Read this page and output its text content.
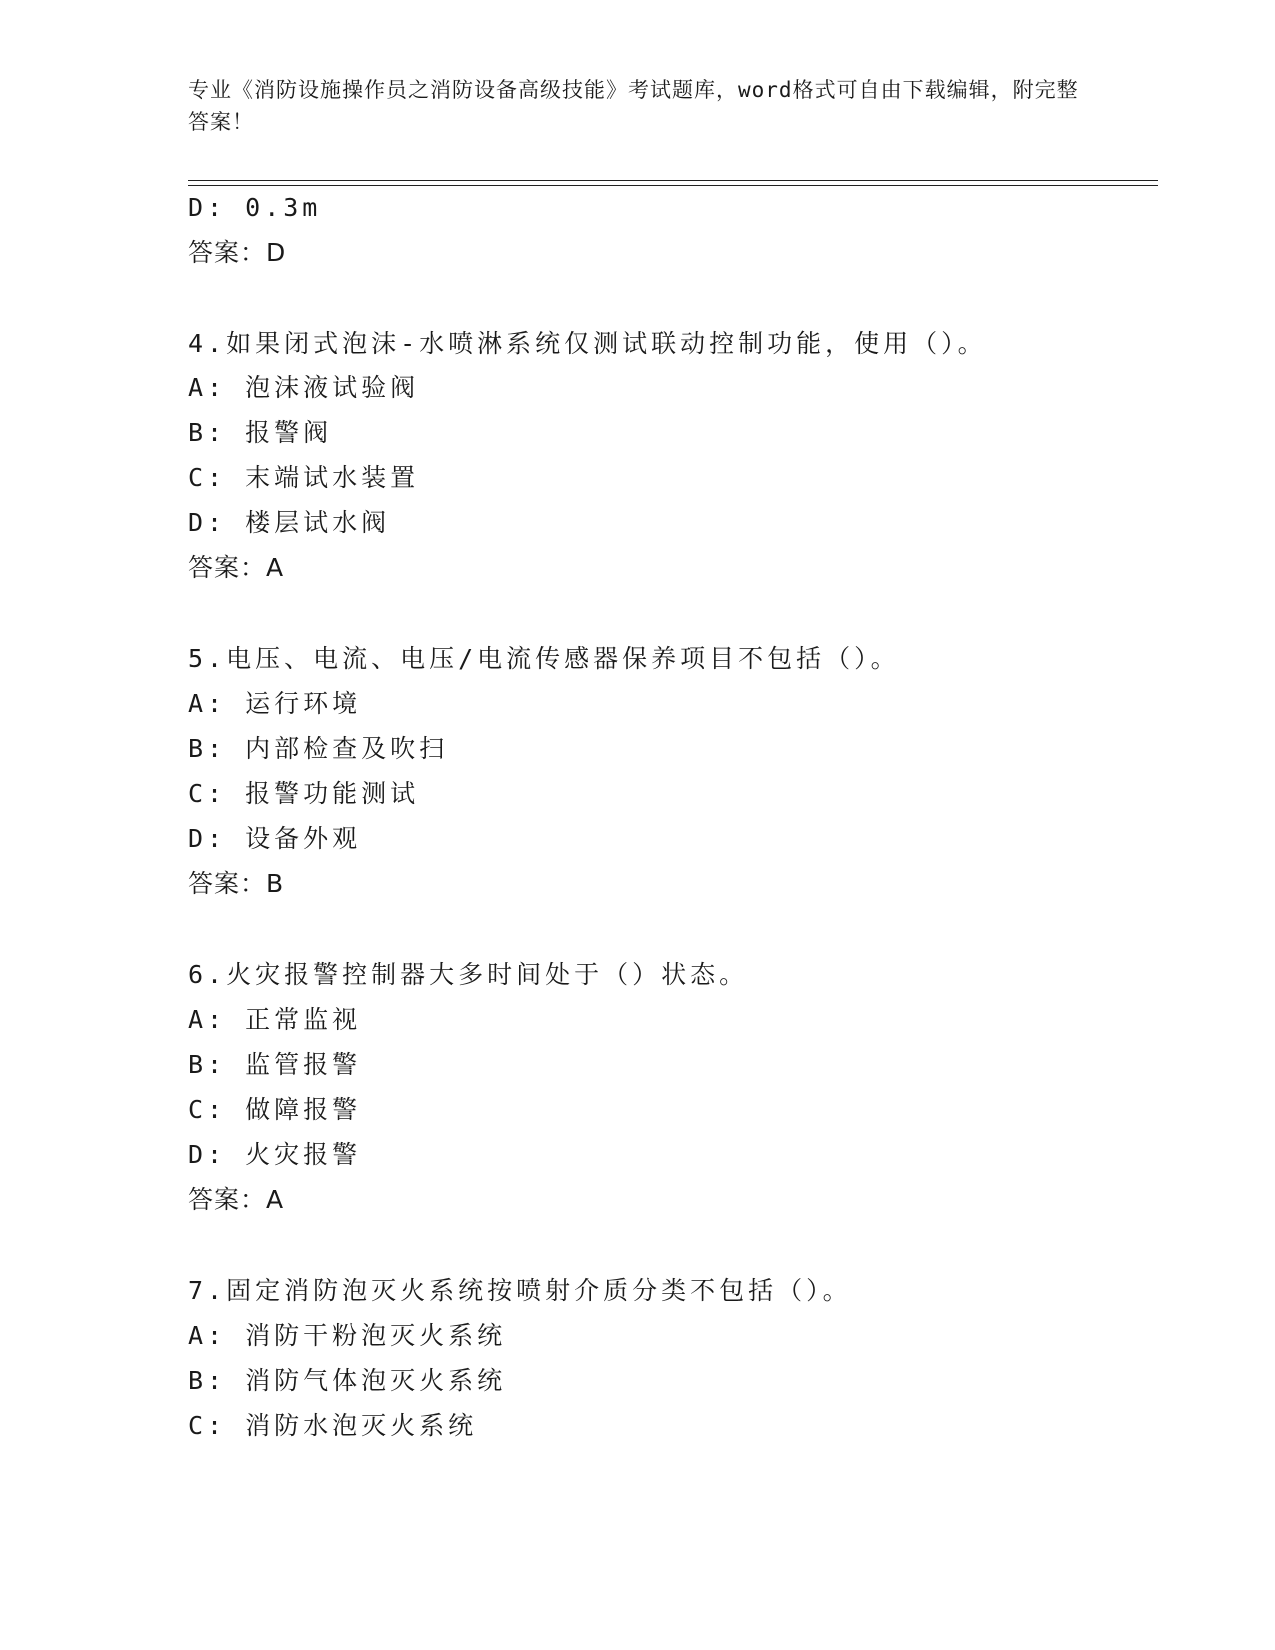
专业《消防设施操作员之消防设备高级技能》考试题库，word格式可自由下载编辑，附完整答案！
D: 0.3m
答案：D
4.如果闭式泡沫-水喷淋系统仅测试联动控制功能，使用（）。
A: 泡沫液试验阀
B: 报警阀
C: 末端试水装置
D: 楼层试水阀
答案：A
5.电压、电流、电压/电流传感器保养项目不包括（）。
A: 运行环境
B: 内部检查及吹扫
C: 报警功能测试
D: 设备外观
答案：B
6.火灾报警控制器大多时间处于（）状态。
A: 正常监视
B: 监管报警
C: 做障报警
D: 火灾报警
答案：A
7.固定消防泡灭火系统按喷射介质分类不包括（）。
A: 消防干粉泡灭火系统
B: 消防气体泡灭火系统
C: 消防水泡灭火系统
